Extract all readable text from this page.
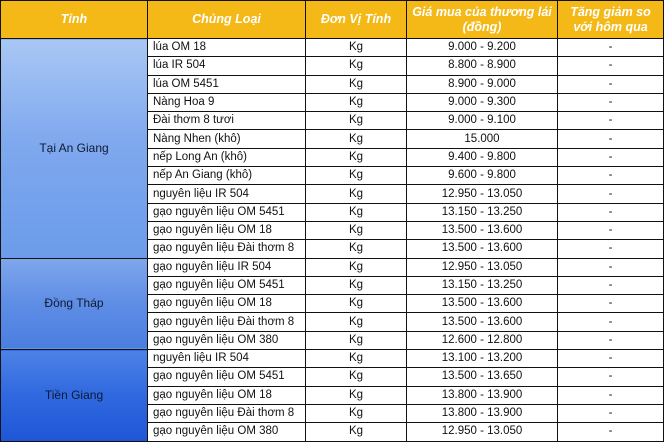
Tỉnh	Chủng Loại	Đơn Vị Tính	Giá mua của thương lái (đồng)	Tăng giảm so với hôm qua
Tại An Giang	lúa OM 18	Kg	9.000 - 9.200	-
	lúa IR 504	Kg	8.800 - 8.900	-
	lúa OM 5451	Kg	8.900 - 9.000	-
	Nàng Hoa 9	Kg	9.000 - 9.300	-
	Đài thơm 8 tươi	Kg	9.000 - 9.100	-
	Nàng Nhen (khô)	Kg	15.000	-
	nếp Long An (khô)	Kg	9.400 - 9.800	-
	nếp An Giang (khô)	Kg	9.600 - 9.800	-
	nguyên liệu IR 504	Kg	12.950 - 13.050	-
	gạo nguyên liệu OM 5451	Kg	13.150 - 13.250	-
	gạo nguyên liệu OM 18	Kg	13.500 - 13.600	-
	gạo nguyên liệu Đài thơm 8	Kg	13.500 - 13.600	-
Đồng Tháp	gạo nguyên liệu IR 504	Kg	12.950 - 13.050	-
	gạo nguyên liệu OM 5451	Kg	13.150 - 13.250	-
	gạo nguyên liệu OM 18	Kg	13.500 - 13.600	-
	gạo nguyên liệu Đài thơm 8	Kg	13.500 - 13.600	-
	gạo nguyên liệu OM 380	Kg	12.600 - 12.800	-
Tiền Giang	nguyên liệu IR 504	Kg	13.100 - 13.200	-
	gạo nguyên liệu OM 5451	Kg	13.500 - 13.650	-
	gạo nguyên liệu OM 18	Kg	13.800 - 13.900	-
	gạo nguyên liệu Đài thơm 8	Kg	13.800 - 13.900	-
	gạo nguyên liệu OM 380	Kg	12.950 - 13.050	-
